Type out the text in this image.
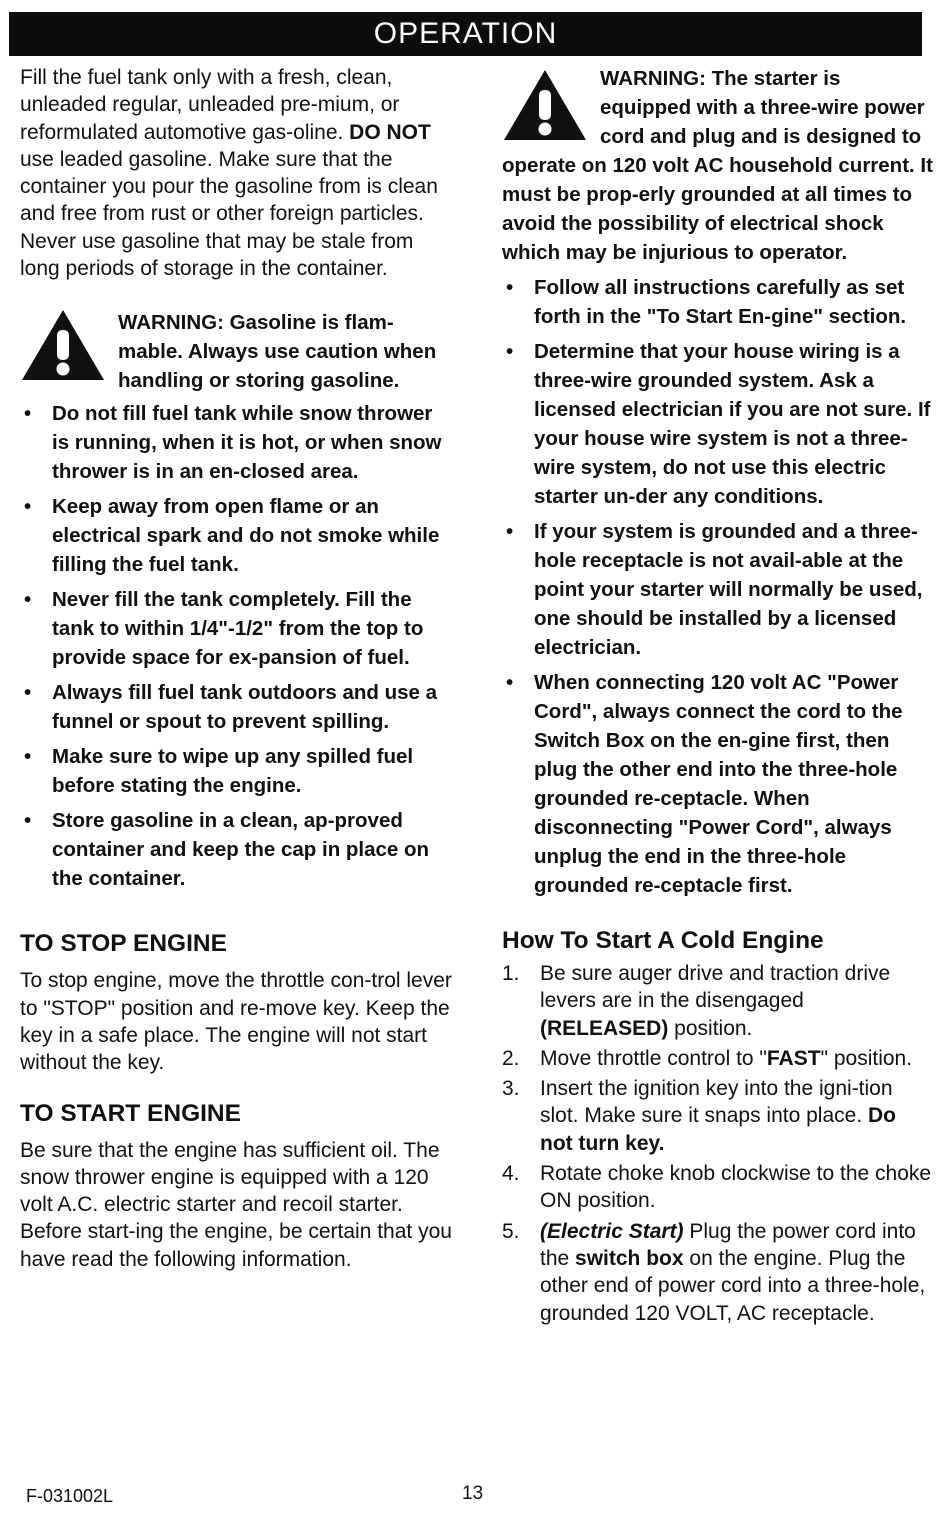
OPERATION

Fill the fuel tank only with a fresh, clean, unleaded regular, unleaded pre-mium, or reformulated automotive gas-oline. DO NOT use leaded gasoline. Make sure that the container you pour the gasoline from is clean and free from rust or other foreign particles. Never use gasoline that may be stale from long periods of storage in the container.

WARNING: Gasoline is flam-mable. Always use caution when handling or storing gasoline.

• Do not fill fuel tank while snow thrower is running, when it is hot, or when snow thrower is in an en-closed area.
• Keep away from open flame or an electrical spark and do not smoke while filling the fuel tank.
• Never fill the tank completely. Fill the tank to within 1/4"-1/2" from the top to provide space for ex-pansion of fuel.
• Always fill fuel tank outdoors and use a funnel or spout to prevent spilling.
• Make sure to wipe up any spilled fuel before stating the engine.
• Store gasoline in a clean, ap-proved container and keep the cap in place on the container.
TO STOP ENGINE

To stop engine, move the throttle con-trol lever to "STOP" position and re-move key. Keep the key in a safe place. The engine will not start without the key.

TO START ENGINE

Be sure that the engine has sufficient oil. The snow thrower engine is equipped with a 120 volt A.C. electric starter and recoil starter. Before start-ing the engine, be certain that you have read the following information.

WARNING: The starter is equipped with a three-wire power cord and plug and is designed to operate on 120 volt AC household current. It must be prop-erly grounded at all times to avoid the possibility of electrical shock which may be injurious to operator.

• Follow all instructions carefully as set forth in the "To Start En-gine" section.
• Determine that your house wiring is a three-wire grounded system. Ask a licensed electrician if you are not sure. If your house wire system is not a three-wire system, do not use this electric starter un-der any conditions.
• If your system is grounded and a three-hole receptacle is not avail-able at the point your starter will normally be used, one should be installed by a licensed electrician.
• When connecting 120 volt AC "Power Cord", always connect the cord to the Switch Box on the en-gine first, then plug the other end into the three-hole grounded re-ceptacle. When disconnecting "Power Cord", always unplug the end in the three-hole grounded re-ceptacle first.
How To Start A Cold Engine
1. Be sure auger drive and traction drive levers are in the disengaged (RELEASED) position.
2. Move throttle control to "FAST" position.
3. Insert the ignition key into the igni-tion slot. Make sure it snaps into place. Do not turn key.
4. Rotate choke knob clockwise to the choke ON position.
5. (Electric Start) Plug the power cord into the switch box on the engine. Plug the other end of power cord into a three-hole, grounded 120 VOLT, AC receptacle.
F-031002L	13
